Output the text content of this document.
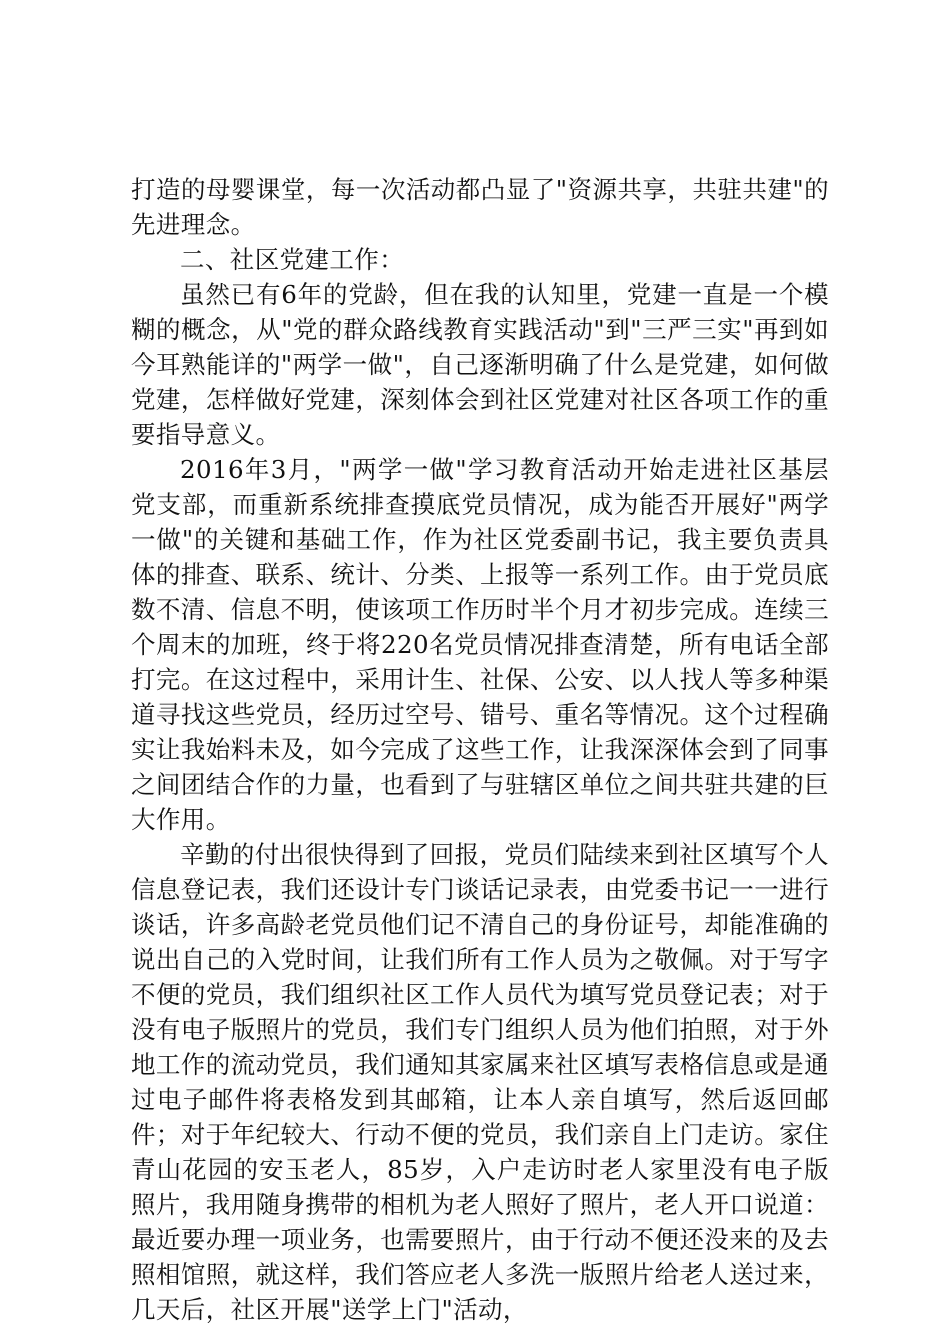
打造的母婴课堂，每一次活动都凸显了"资源共享，共驻共建"的先进理念。

二、社区党建工作：

虽然已有6年的党龄，但在我的认知里，党建一直是一个模糊的概念，从"党的群众路线教育实践活动"到"三严三实"再到如今耳熟能详的"两学一做"，自己逐渐明确了什么是党建，如何做党建，怎样做好党建，深刻体会到社区党建对社区各项工作的重要指导意义。

2016年3月，"两学一做"学习教育活动开始走进社区基层党支部，而重新系统排查摸底党员情况，成为能否开展好"两学一做"的关键和基础工作，作为社区党委副书记，我主要负责具体的排查、联系、统计、分类、上报等一系列工作。由于党员底数不清、信息不明，使该项工作历时半个月才初步完成。连续三个周末的加班，终于将220名党员情况排查清楚，所有电话全部打完。在这过程中，采用计生、社保、公安、以人找人等多种渠道寻找这些党员，经历过空号、错号、重名等情况。这个过程确实让我始料未及，如今完成了这些工作，让我深深体会到了同事之间团结合作的力量，也看到了与驻辖区单位之间共驻共建的巨大作用。

辛勤的付出很快得到了回报，党员们陆续来到社区填写个人信息登记表，我们还设计专门谈话记录表，由党委书记一一进行谈话，许多高龄老党员他们记不清自己的身份证号，却能准确的说出自己的入党时间，让我们所有工作人员为之敬佩。对于写字不便的党员，我们组织社区工作人员代为填写党员登记表；对于没有电子版照片的党员，我们专门组织人员为他们拍照，对于外地工作的流动党员，我们通知其家属来社区填写表格信息或是通过电子邮件将表格发到其邮箱，让本人亲自填写，然后返回邮件；对于年纪较大、行动不便的党员，我们亲自上门走访。家住青山花园的安玉老人，85岁，入户走访时老人家里没有电子版照片，我用随身携带的相机为老人照好了照片，老人开口说道：最近要办理一项业务，也需要照片，由于行动不便还没来的及去照相馆照，就这样，我们答应老人多洗一版照片给老人送过来，几天后，社区开展"送学上门"活动，
